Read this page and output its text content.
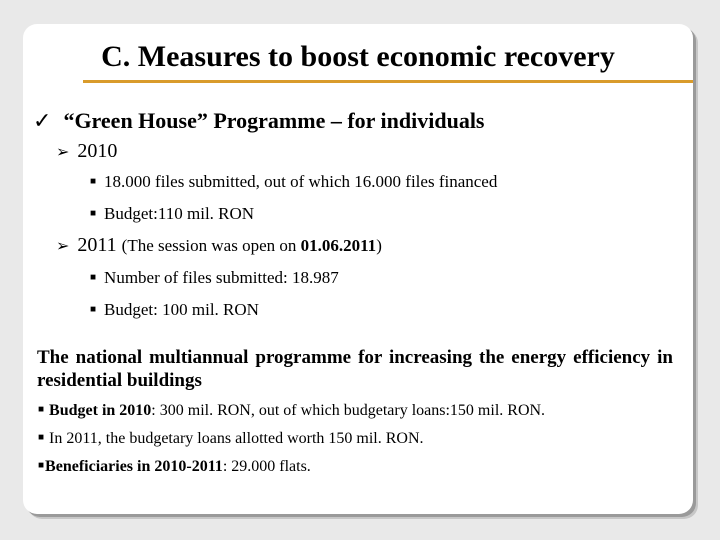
C. Measures to boost economic recovery
✓ “Green House” Programme – for individuals
➢ 2010
■ 18.000 files submitted, out of which 16.000 files financed
■ Budget:110 mil. RON
➢ 2011 (The session was open on 01.06.2011)
■ Number of files submitted: 18.987
■ Budget: 100 mil. RON
The national multiannual programme for increasing the energy efficiency in residential buildings
■ Budget in 2010: 300 mil. RON, out of which budgetary loans:150 mil. RON.
■ In 2011, the budgetary loans allotted worth 150 mil. RON.
■Beneficiaries in 2010-2011: 29.000 flats.
